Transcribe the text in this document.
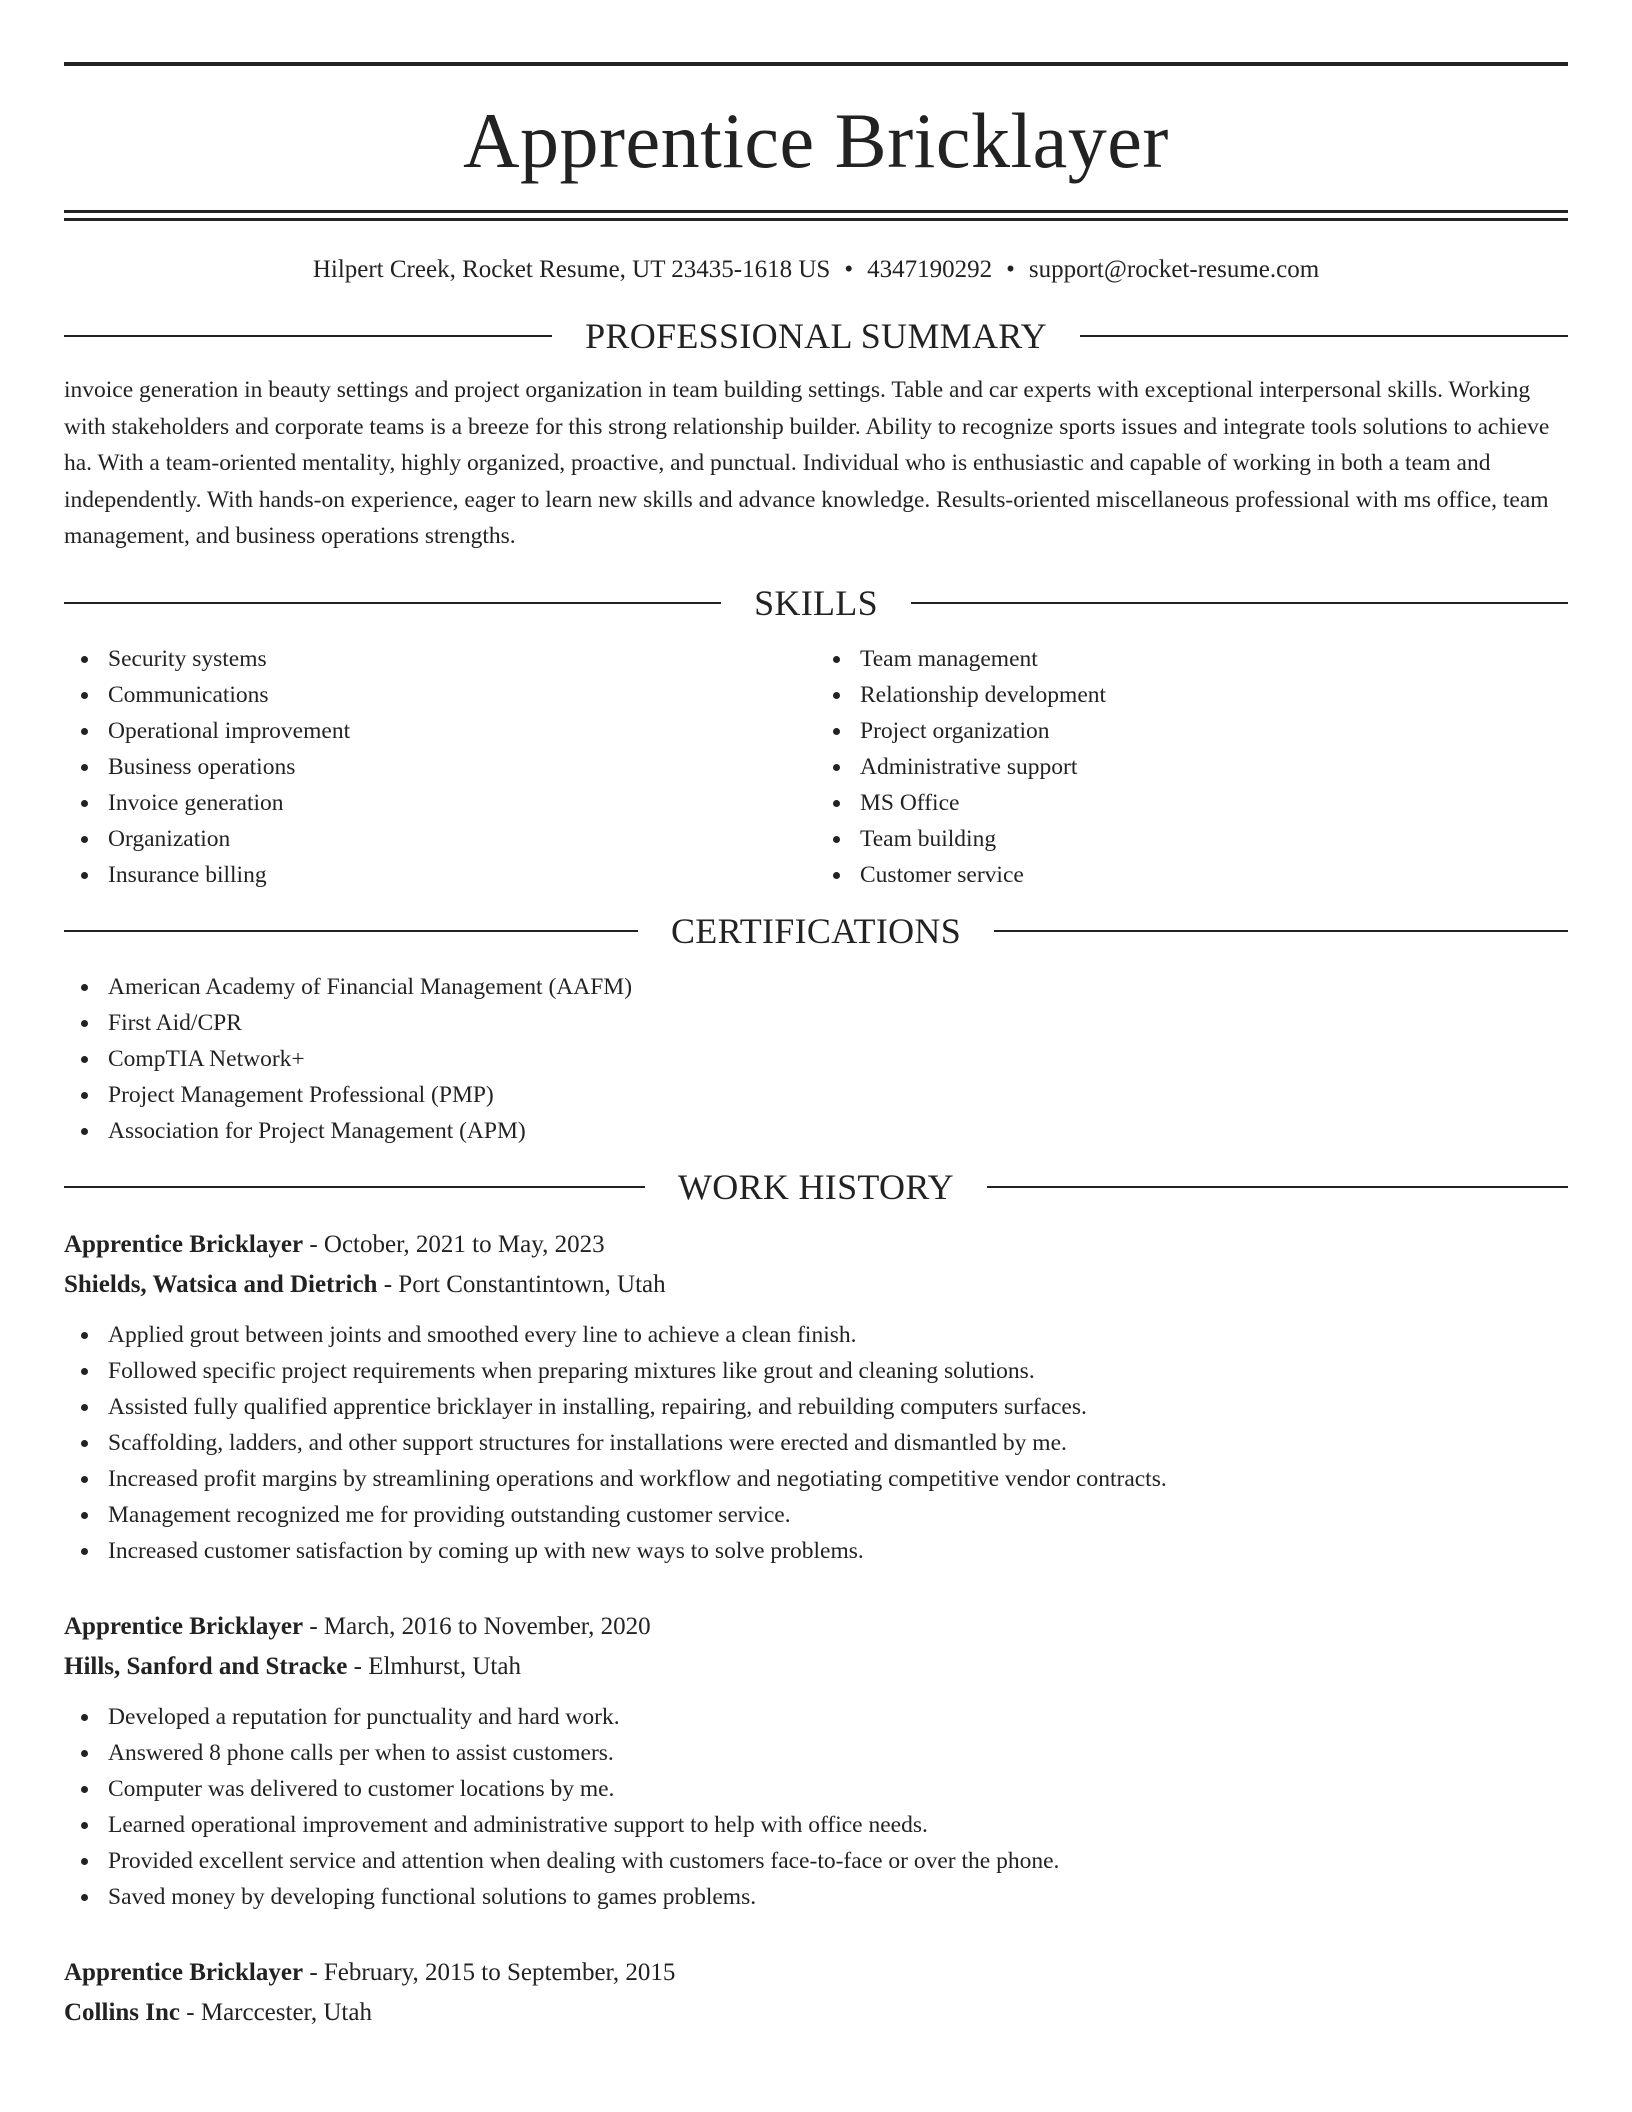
Apprentice Bricklayer
Hilpert Creek, Rocket Resume, UT 23435-1618 US • 4347190292 • support@rocket-resume.com
PROFESSIONAL SUMMARY

invoice generation in beauty settings and project organization in team building settings. Table and car experts with exceptional interpersonal skills. Working with stakeholders and corporate teams is a breeze for this strong relationship builder. Ability to recognize sports issues and integrate tools solutions to achieve ha. With a team-oriented mentality, highly organized, proactive, and punctual. Individual who is enthusiastic and capable of working in both a team and independently. With hands-on experience, eager to learn new skills and advance knowledge. Results-oriented miscellaneous professional with ms office, team management, and business operations strengths.

SKILLS
Security systems
Communications
Operational improvement
Business operations
Invoice generation
Organization
Insurance billing
Team management
Relationship development
Project organization
Administrative support
MS Office
Team building
Customer service
CERTIFICATIONS
American Academy of Financial Management (AAFM)
First Aid/CPR
CompTIA Network+
Project Management Professional (PMP)
Association for Project Management (APM)
WORK HISTORY
Apprentice Bricklayer - October, 2021 to May, 2023
Shields, Watsica and Dietrich - Port Constantintown, Utah
Applied grout between joints and smoothed every line to achieve a clean finish.
Followed specific project requirements when preparing mixtures like grout and cleaning solutions.
Assisted fully qualified apprentice bricklayer in installing, repairing, and rebuilding computers surfaces.
Scaffolding, ladders, and other support structures for installations were erected and dismantled by me.
Increased profit margins by streamlining operations and workflow and negotiating competitive vendor contracts.
Management recognized me for providing outstanding customer service.
Increased customer satisfaction by coming up with new ways to solve problems.
Apprentice Bricklayer - March, 2016 to November, 2020
Hills, Sanford and Stracke - Elmhurst, Utah
Developed a reputation for punctuality and hard work.
Answered 8 phone calls per when to assist customers.
Computer was delivered to customer locations by me.
Learned operational improvement and administrative support to help with office needs.
Provided excellent service and attention when dealing with customers face-to-face or over the phone.
Saved money by developing functional solutions to games problems.
Apprentice Bricklayer - February, 2015 to September, 2015
Collins Inc - Marccester, Utah
